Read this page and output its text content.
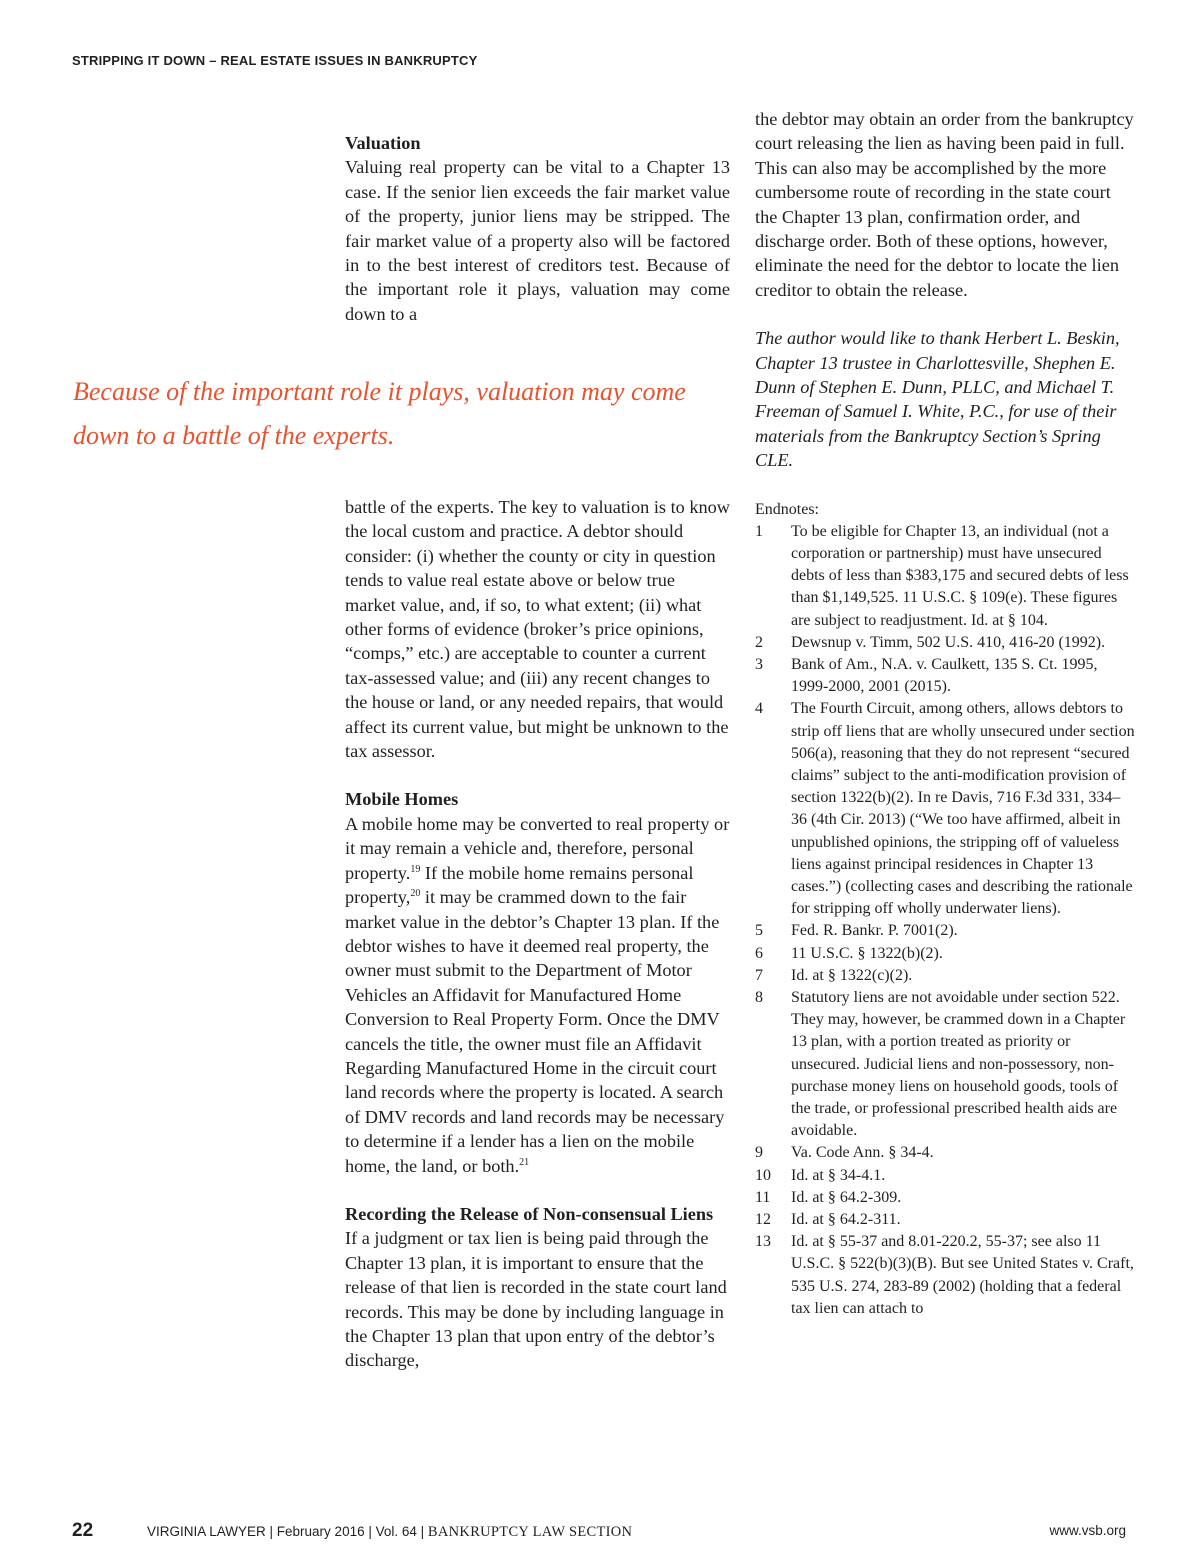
STRIPPING IT DOWN – REAL ESTATE ISSUES IN BANKRUPTCY
Valuation

Valuing real property can be vital to a Chapter 13 case. If the senior lien exceeds the fair market value of the property, junior liens may be stripped. The fair market value of a property also will be factored in to the best interest of creditors test. Because of the important role it plays, valuation may come down to a

Because of the important role it plays, valuation may come down to a battle of the experts.

battle of the experts. The key to valuation is to know the local custom and practice. A debtor should consider: (i) whether the county or city in question tends to value real estate above or below true market value, and, if so, to what extent; (ii) what other forms of evidence (broker’s price opinions, “comps,” etc.) are acceptable to counter a current tax-assessed value; and (iii) any recent changes to the house or land, or any needed repairs, that would affect its current value, but might be unknown to the tax assessor.

Mobile Homes

A mobile home may be converted to real property or it may remain a vehicle and, therefore, personal property.$^{19}$ If the mobile home remains personal property,$^{20}$ it may be crammed down to the fair market value in the debtor’s Chapter 13 plan. If the debtor wishes to have it deemed real property, the owner must submit to the Department of Motor Vehicles an Affidavit for Manufactured Home Conversion to Real Property Form. Once the DMV cancels the title, the owner must file an Affidavit Regarding Manufactured Home in the circuit court land records where the property is located. A search of DMV records and land records may be necessary to determine if a lender has a lien on the mobile home, the land, or both.$^{21}$

Recording the Release of Non-consensual Liens

If a judgment or tax lien is being paid through the Chapter 13 plan, it is important to ensure that the release of that lien is recorded in the state court land records. This may be done by including language in the Chapter 13 plan that upon entry of the debtor’s discharge,

the debtor may obtain an order from the bankruptcy court releasing the lien as having been paid in full. This can also may be accomplished by the more cumbersome route of recording in the state court the Chapter 13 plan, confirmation order, and discharge order. Both of these options, however, eliminate the need for the debtor to locate the lien creditor to obtain the release.

The author would like to thank Herbert L. Beskin, Chapter 13 trustee in Charlottesville, Shephen E. Dunn of Stephen E. Dunn, PLLC, and Michael T. Freeman of Samuel I. White, P.C., for use of their materials from the Bankruptcy Section’s Spring CLE.

Endnotes:
1	To be eligible for Chapter 13, an individual (not a corporation or partnership) must have unsecured debts of less than $383,175 and secured debts of less than $1,149,525. 11 U.S.C. § 109(e). These figures are subject to readjustment. Id. at § 104.
2	Dewsnup v. Timm, 502 U.S. 410, 416-20 (1992).
3	Bank of Am., N.A. v. Caulkett, 135 S. Ct. 1995, 1999-2000, 2001 (2015).
4	The Fourth Circuit, among others, allows debtors to strip off liens that are wholly unsecured under section 506(a), reasoning that they do not represent “secured claims” subject to the anti-modification provision of section 1322(b)(2). In re Davis, 716 F.3d 331, 334–36 (4th Cir. 2013) (“We too have affirmed, albeit in unpublished opinions, the stripping off of valueless liens against principal residences in Chapter 13 cases.”) (collecting cases and describing the rationale for stripping off wholly underwater liens).
5	Fed. R. Bankr. P. 7001(2).
6	11 U.S.C. § 1322(b)(2).
7	Id. at § 1322(c)(2).
8	Statutory liens are not avoidable under section 522. They may, however, be crammed down in a Chapter 13 plan, with a portion treated as priority or unsecured. Judicial liens and non-possessory, non-purchase money liens on household goods, tools of the trade, or professional prescribed health aids are avoidable.
9	Va. Code Ann. § 34-4.
10	Id. at § 34-4.1.
11	Id. at § 64.2-309.
12	Id. at § 64.2-311.
13	Id. at § 55-37 and 8.01-220.2, 55-37; see also 11 U.S.C. § 522(b)(3)(B). But see United States v. Craft, 535 U.S. 274, 283-89 (2002) (holding that a federal tax lien can attach to
22	VIRGINIA LAWYER | February 2016 | Vol. 64 | BANKRUPTCY LAW SECTION	www.vsb.org
